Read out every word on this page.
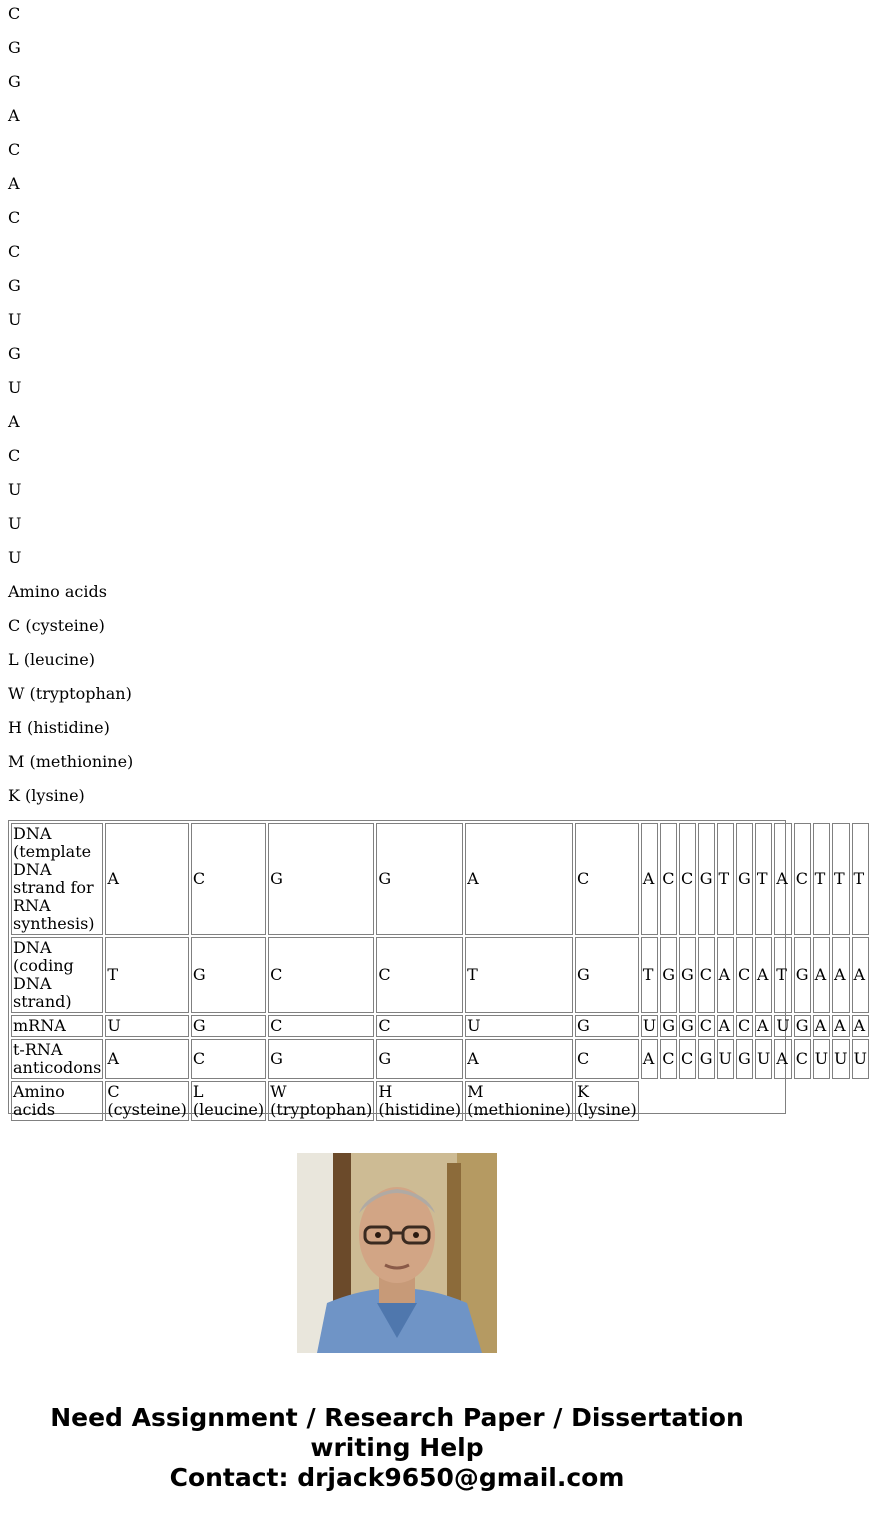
C

G

G

A

C

A

C

C

G

U

G

U

A

C

U

U

U

Amino acids

C (cysteine)

L (leucine)

W (tryptophan)

H (histidine)

M (methionine)

K (lysine)

DNA (template DNA strand for RNA synthesis)	A	C	G	G	A	C	A	C	C	G	T	G	T	A	C	T	T	T
DNA (coding DNA strand)	T	G	C	C	T	G	T	G	G	C	A	C	A	T	G	A	A	A
mRNA	U	G	C	C	U	G	U	G	G	C	A	C	A	U	G	A	A	A
t-RNA anticodons	A	C	G	G	A	C	A	C	C	G	U	G	U	A	C	U	U	U
Amino acids	C (cysteine)	L (leucine)	W (tryptophan)	H (histidine)	M (methionine)	K (lysine)												
Need Assignment / Research Paper / Dissertation
writing Help
Contact: drjack9650@gmail.com
